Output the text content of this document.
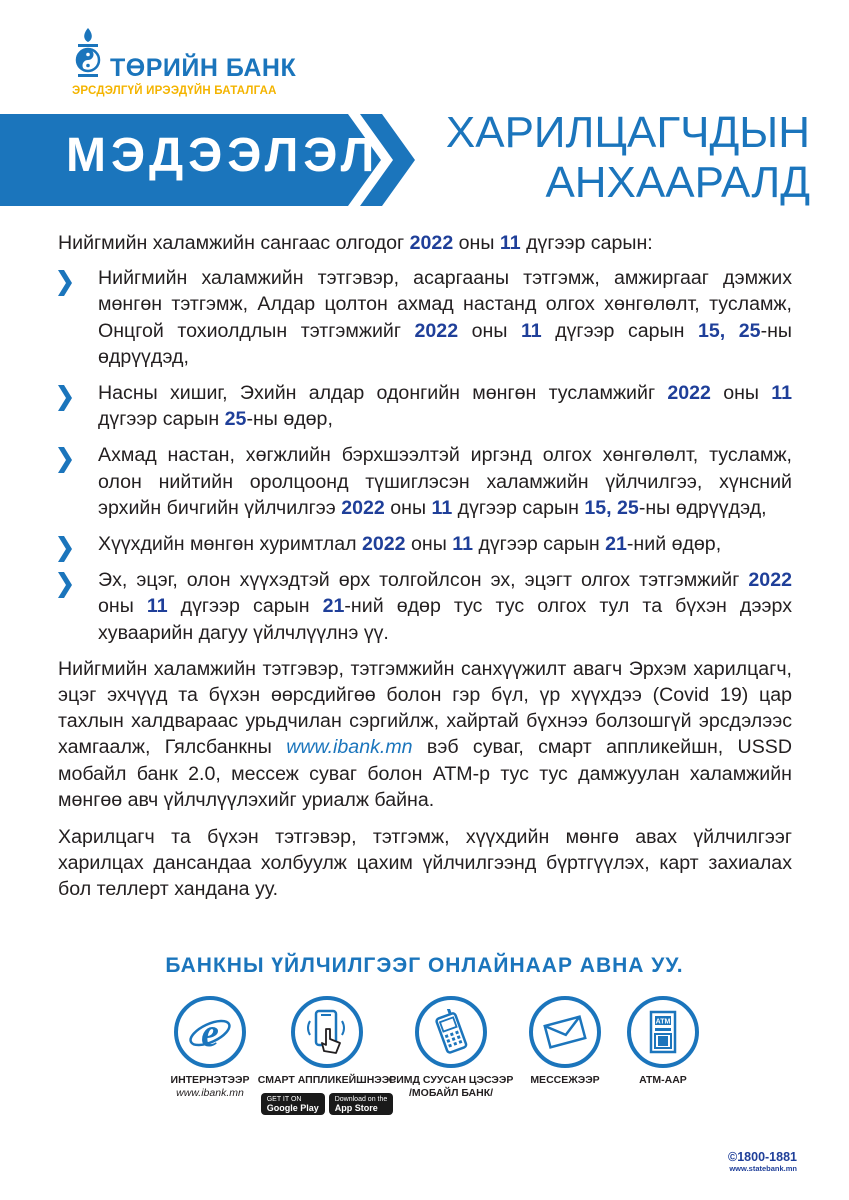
ТӨРИЙН БАНК
ЭРСДЭЛГҮЙ ИРЭЭДҮЙН БАТАЛГАА
МЭДЭЭЛЭЛ ХАРИЛЦАГЧДЫН
АНХААРАЛД

Нийгмийн халамжийн сангаас олгодог 2022 оны 11 дүгээр сарын:

Нийгмийн халамжийн тэтгэвэр, асаргааны тэтгэмж, амжиргааг дэмжих мөнгөн тэтгэмж, Алдар цолтон ахмад настанд олгох хөнгөлөлт, тусламж, Онцгой тохиолдлын тэтгэмжийг 2022 оны 11 дүгээр сарын 15, 25-ны өдрүүдэд,
Насны хишиг, Эхийн алдар одонгийн мөнгөн тусламжийг 2022 оны 11 дүгээр сарын 25-ны өдөр,
Ахмад настан, хөгжлийн бэрхшээлтэй иргэнд олгох хөнгөлөлт, тусламж, олон нийтийн оролцоонд түшиглэсэн халамжийн үйлчилгээ, хүнсний эрхийн бичгийн үйлчилгээ 2022 оны 11 дүгээр сарын 15, 25-ны өдрүүдэд,
Хүүхдийн мөнгөн хуримтлал 2022 оны 11 дүгээр сарын 21-ний өдөр,
Эх, эцэг, олон хүүхэдтэй өрх толгойлсон эх, эцэгт олгох тэтгэмжийг 2022 оны 11 дүгээр сарын 21-ний өдөр тус тус олгох тул та бүхэн дээрх хуваарийн дагуу үйлчлүүлнэ үү.

Нийгмийн халамжийн тэтгэвэр, тэтгэмжийн санхүүжилт авагч Эрхэм харилцагч, эцэг эхчүүд та бүхэн өөрсдийгөө болон гэр бүл, үр хүүхдээ (Covid 19) цар тахлын халдвараас урьдчилан сэргийлж, хайртай бүхнээ болзошгүй эрсдэлээс хамгаалж, Гялсбанкны www.ibank.mn вэб суваг, смарт аппликейшн, USSD мобайл банк 2.0, мессеж суваг болон ATM-р тус тус дамжуулан халамжийн мөнгөө авч үйлчлүүлэхийг уриалж байна.

Харилцагч та бүхэн тэтгэвэр, тэтгэмж, хүүхдийн мөнгө авах үйлчилгээг харилцах дансандаа холбуулж цахим үйлчилгээнд бүртгүүлэх, карт захиалах бол теллерт хандана уу.

БАНКНЫ ҮЙЛЧИЛГЭЭГ ОНЛАЙНААР АВНА УУ.
e
ИНТЕРНЭТЭЭР
www.ibank.mn
СМАРТ АППЛИКЕЙШНЭЭР
GET IT ON
Google Play
Download on the
App Store
СИМД СУУСАН ЦЭСЭЭР
/МОБАЙЛ БАНК/
МЕССЕЖЭЭР
ATM
ATM-ААР
©1800-1881
www.statebank.mn
